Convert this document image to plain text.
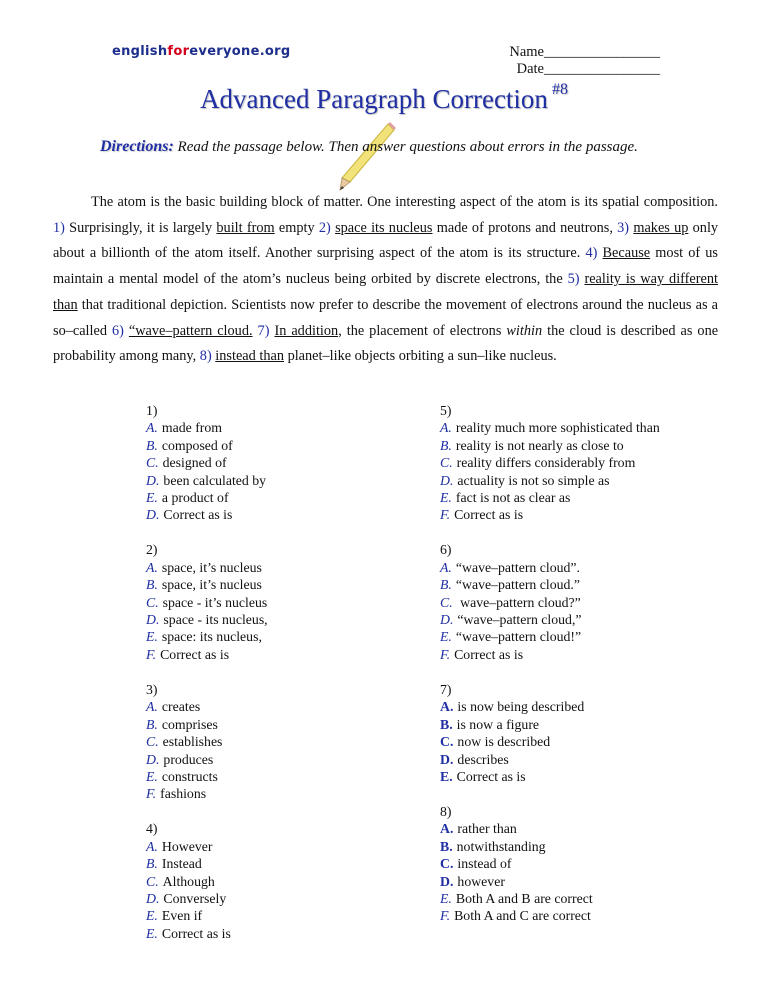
englishforeveryone.org	Name________________
Date________________
Advanced Paragraph Correction $^{\#8}$
Directions: Read the passage below. Then answer questions about errors in the passage.

The atom is the basic building block of matter. One interesting aspect of the atom is its spatial composition. 1) Surprisingly, it is largely built from empty 2) space its nucleus made of protons and neutrons, 3) makes up only about a billionth of the atom itself. Another surprising aspect of the atom is its structure. 4) Because most of us maintain a mental model of the atom’s nucleus being orbited by discrete electrons, the 5) reality is way different than that traditional depiction. Scientists now prefer to describe the movement of electrons around the nucleus as a so–called 6) “wave–pattern cloud. 7) In addition, the placement of electrons within the cloud is described as one probability among many, 8) instead than planet–like objects orbiting a sun–like nucleus.

1)
A. made from
B. composed of
C. designed of
D. been calculated by
E. a product of
D. Correct as is
2)
A. space, it’s nucleus
B. space, it’s nucleus
C. space - it’s nucleus
D. space - its nucleus,
E. space: its nucleus,
F. Correct as is
3)
A. creates
B. comprises
C. establishes
D. produces
E. constructs
F. fashions
4)
A. However
B. Instead
C. Although
D. Conversely
E. Even if
E. Correct as is
5)
A. reality much more sophisticated than
B. reality is not nearly as close to
C. reality differs considerably from
D. actuality is not so simple as
E. fact is not as clear as
F. Correct as is
6)
A. “wave–pattern cloud”.
B. “wave–pattern cloud.”
C. wave–pattern cloud?”
D. “wave–pattern cloud,”
E. “wave–pattern cloud!”
F. Correct as is
7)
A. is now being described
B. is now a figure
C. now is described
D. describes
E. Correct as is
8)
A. rather than
B. notwithstanding
C. instead of
D. however
E. Both A and B are correct
F. Both A and C are correct
